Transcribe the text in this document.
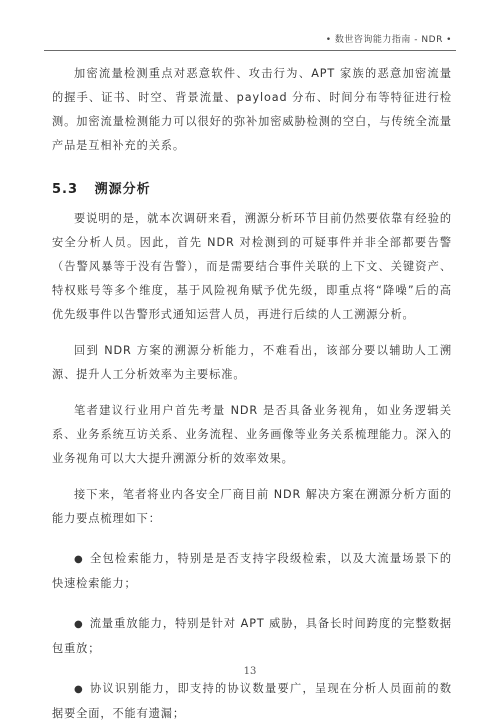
• 数世咨询能力指南 - NDR •

加密流量检测重点对恶意软件、攻击行为、APT 家族的恶意加密流量的握手、证书、时空、背景流量、payload 分布、时间分布等特征进行检测。加密流量检测能力可以很好的弥补加密威胁检测的空白，与传统全流量产品是互相补充的关系。

5.3 溯源分析

要说明的是，就本次调研来看，溯源分析环节目前仍然要依靠有经验的安全分析人员。因此，首先 NDR 对检测到的可疑事件并非全部都要告警（告警风暴等于没有告警），而是需要结合事件关联的上下文、关键资产、特权账号等多个维度，基于风险视角赋予优先级，即重点将“降噪”后的高优先级事件以告警形式通知运营人员，再进行后续的人工溯源分析。

回到 NDR 方案的溯源分析能力，不难看出，该部分要以辅助人工溯源、提升人工分析效率为主要标准。

笔者建议行业用户首先考量 NDR 是否具备业务视角，如业务逻辑关系、业务系统互访关系、业务流程、业务画像等业务关系梳理能力。深入的业务视角可以大大提升溯源分析的效率效果。

接下来，笔者将业内各安全厂商目前 NDR 解决方案在溯源分析方面的能力要点梳理如下：

● 全包检索能力，特别是是否支持字段级检索，以及大流量场景下的快速检索能力；

● 流量重放能力，特别是针对 APT 威胁，具备长时间跨度的完整数据包重放；

● 协议识别能力，即支持的协议数量要广，呈现在分析人员面前的数据要全面，不能有遗漏；

13
